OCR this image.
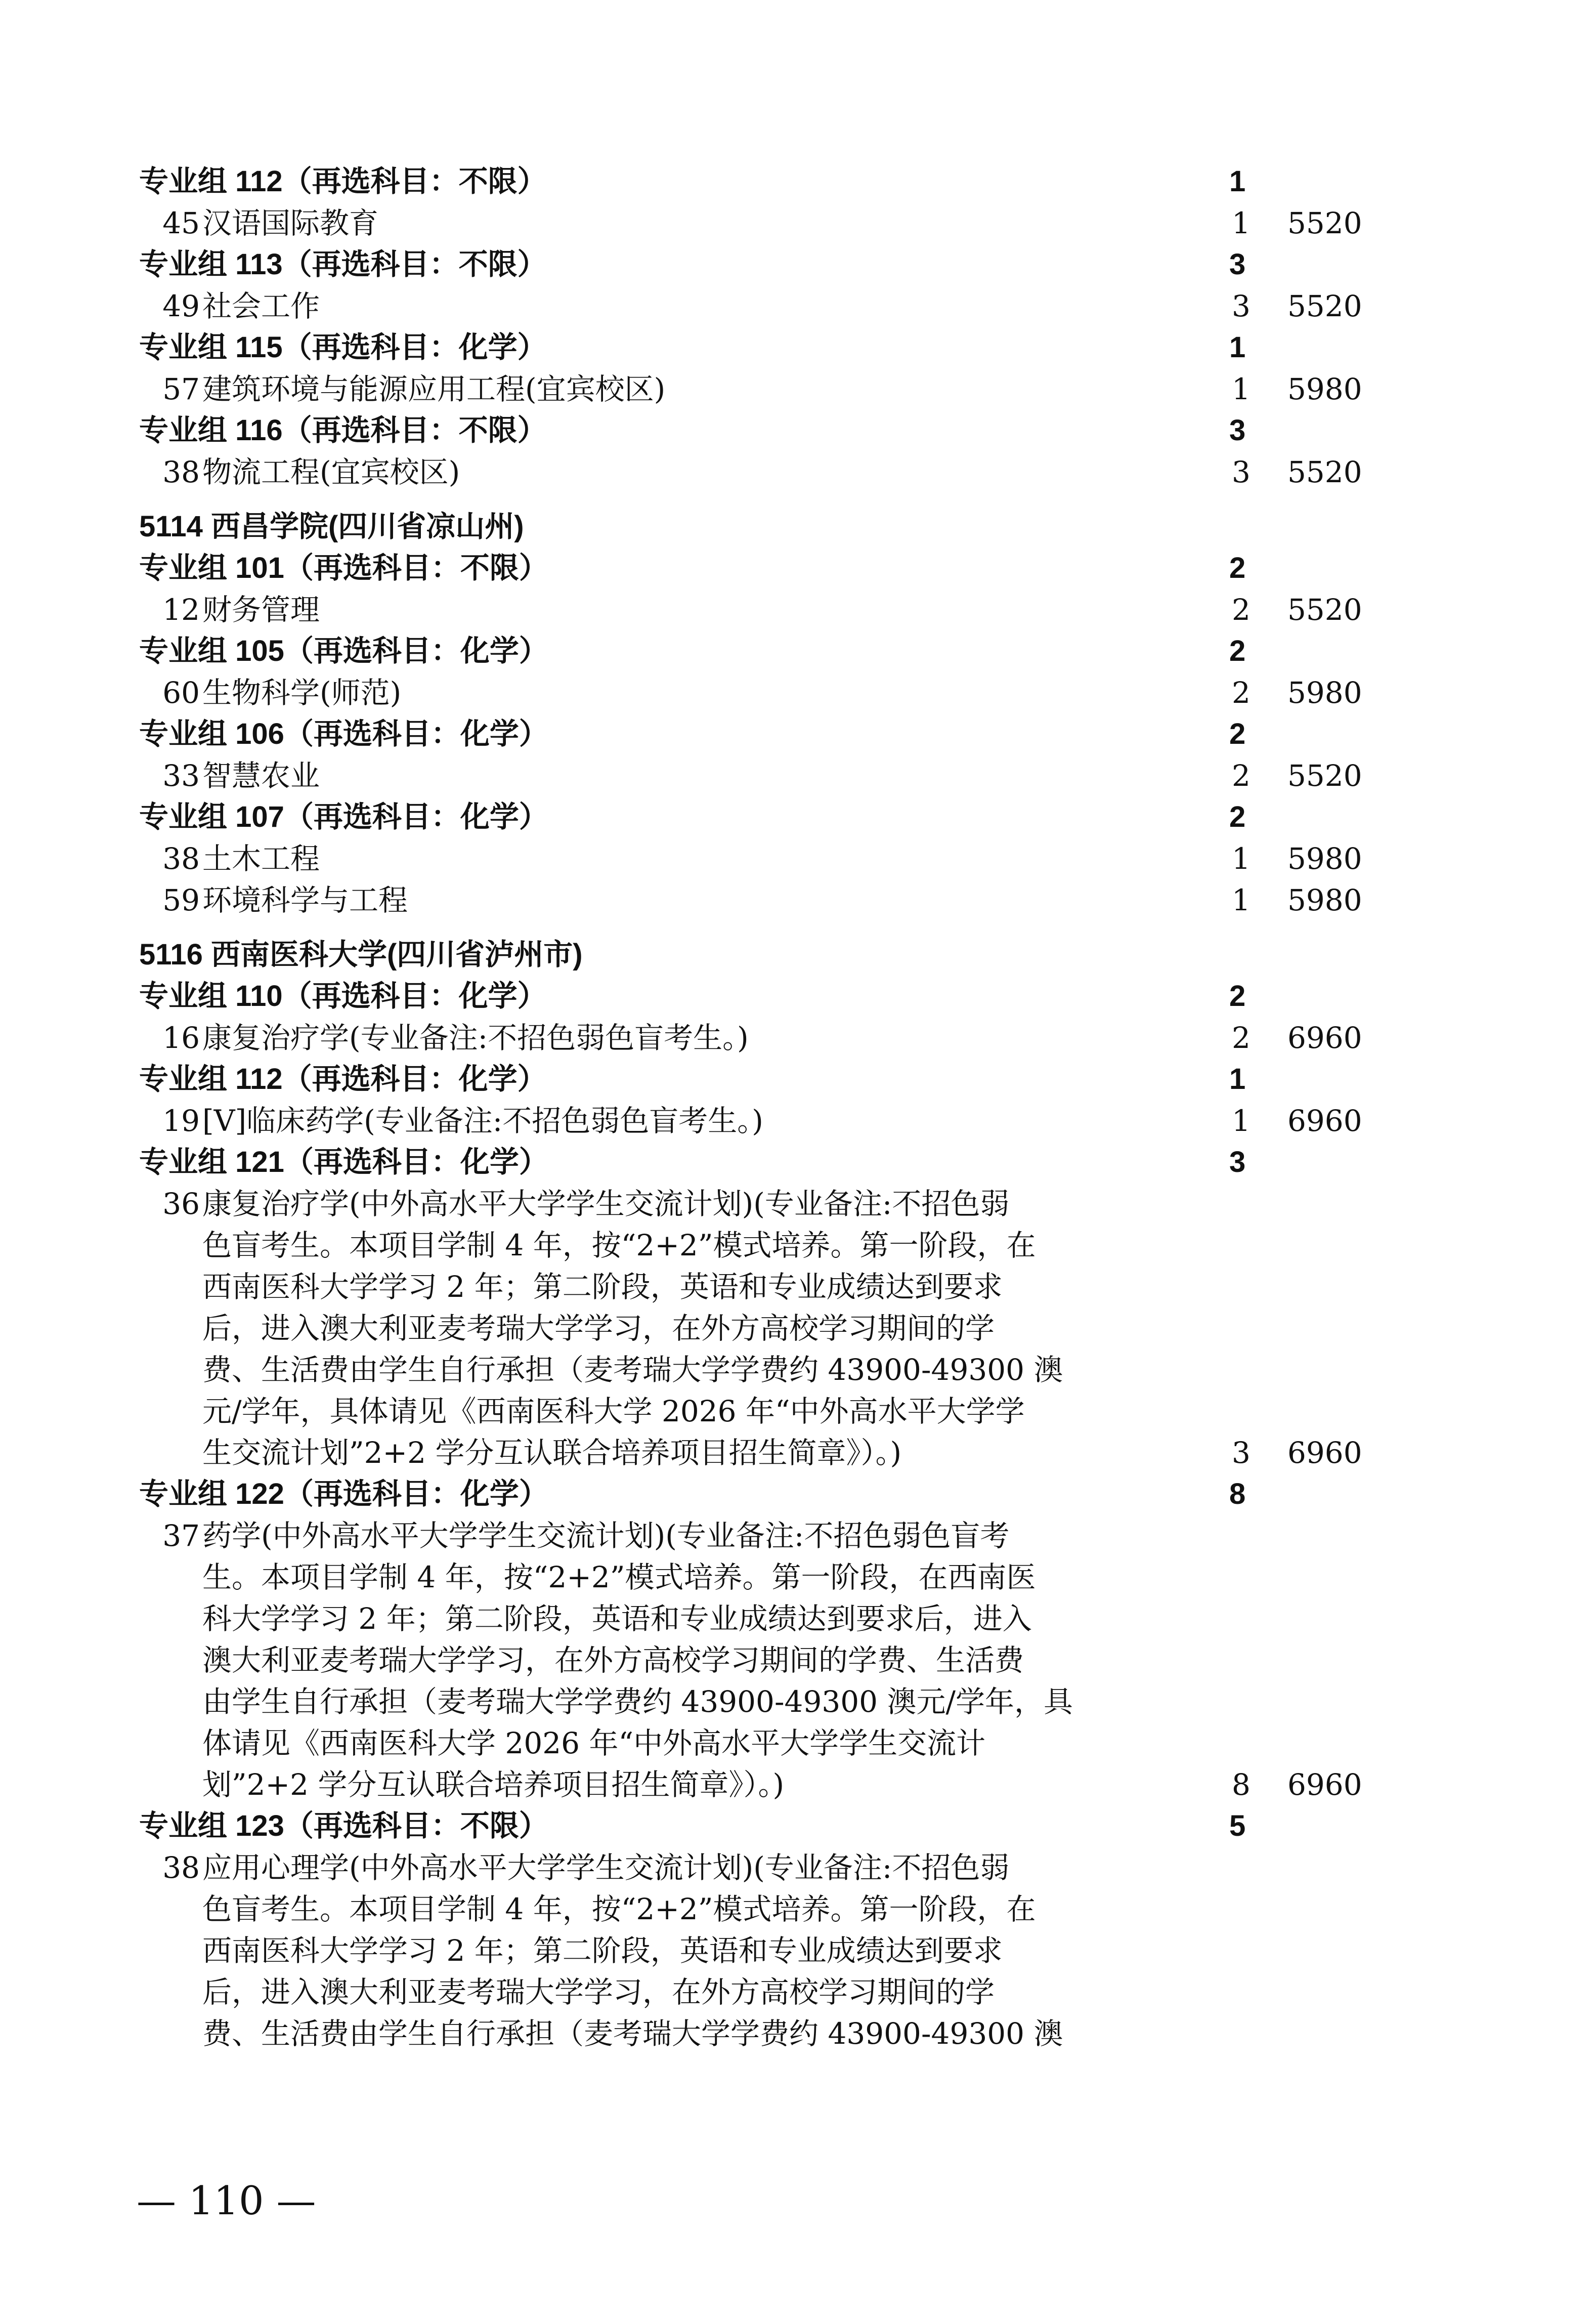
专业组 112（再选科目：不限）	1
45 汉语国际教育	1 5520
专业组 113（再选科目：不限）	3
49 社会工作	3 5520
专业组 115（再选科目：化学）	1
57 建筑环境与能源应用工程(宜宾校区)	1 5980
专业组 116（再选科目：不限）	3
38 物流工程(宜宾校区)	3 5520
5114 西昌学院(四川省凉山州)
专业组 101（再选科目：不限）	2
12 财务管理	2 5520
专业组 105（再选科目：化学）	2
60 生物科学(师范)	2 5980
专业组 106（再选科目：化学）	2
33 智慧农业	2 5520
专业组 107（再选科目：化学）	2
38 土木工程	1 5980
59 环境科学与工程	1 5980
5116 西南医科大学(四川省泸州市)
专业组 110（再选科目：化学）	2
16 康复治疗学(专业备注:不招色弱色盲考生。)	2 6960
专业组 112（再选科目：化学）	1
19 [Ⅴ]临床药学(专业备注:不招色弱色盲考生。)	1 6960
专业组 121（再选科目：化学）	3
36 康复治疗学(中外高水平大学学生交流计划)(专业备注:不招色弱
色盲考生。本项目学制 4 年，按“2+2”模式培养。第一阶段，在
西南医科大学学习 2 年；第二阶段，英语和专业成绩达到要求
后，进入澳大利亚麦考瑞大学学习，在外方高校学习期间的学
费、生活费由学生自行承担（麦考瑞大学学费约 43900-49300 澳
元/学年，具体请见《西南医科大学 2026 年“中外高水平大学学
生交流计划”2+2 学分互认联合培养项目招生简章》）。)	3 6960
专业组 122（再选科目：化学）	8
37 药学(中外高水平大学学生交流计划)(专业备注:不招色弱色盲考
生。本项目学制 4 年，按“2+2”模式培养。第一阶段，在西南医
科大学学习 2 年；第二阶段，英语和专业成绩达到要求后，进入
澳大利亚麦考瑞大学学习，在外方高校学习期间的学费、生活费
由学生自行承担（麦考瑞大学学费约 43900-49300 澳元/学年，具
体请见《西南医科大学 2026 年“中外高水平大学学生交流计
划”2+2 学分互认联合培养项目招生简章》）。)	8 6960
专业组 123（再选科目：不限）	5
38 应用心理学(中外高水平大学学生交流计划)(专业备注:不招色弱
色盲考生。本项目学制 4 年，按“2+2”模式培养。第一阶段，在
西南医科大学学习 2 年；第二阶段，英语和专业成绩达到要求
后，进入澳大利亚麦考瑞大学学习，在外方高校学习期间的学
费、生活费由学生自行承担（麦考瑞大学学费约 43900-49300 澳
— 110 —
